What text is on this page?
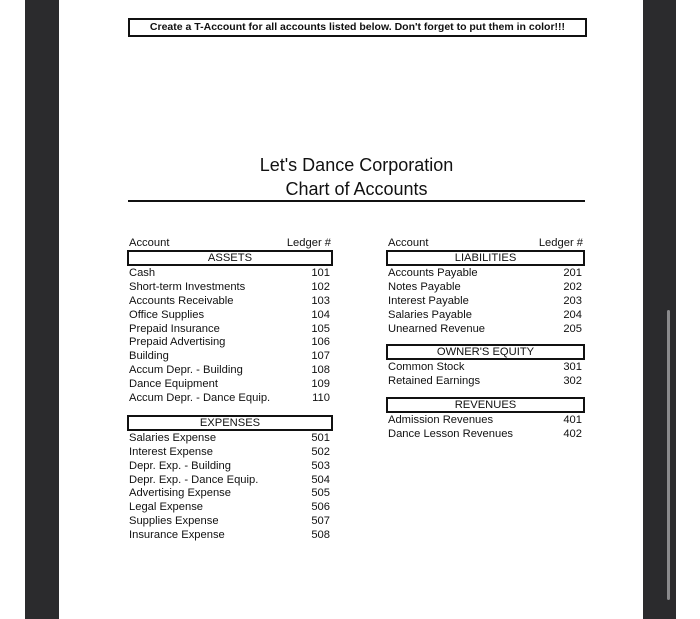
Create a T-Account for all accounts listed below. Don't forget to put them in color!!!
Let's Dance Corporation
Chart of Accounts
Account	Ledger #
ASSETS
Cash	101
Short-term Investments	102
Accounts Receivable	103
Office Supplies	104
Prepaid Insurance	105
Prepaid Advertising	106
Building	107
Accum Depr. - Building	108
Dance Equipment	109
Accum Depr. - Dance Equip.	110
EXPENSES
Salaries Expense	501
Interest Expense	502
Depr. Exp. - Building	503
Depr. Exp. - Dance Equip.	504
Advertising Expense	505
Legal Expense	506
Supplies Expense	507
Insurance Expense	508
Account	Ledger #
LIABILITIES
Accounts Payable	201
Notes Payable	202
Interest Payable	203
Salaries Payable	204
Unearned Revenue	205
OWNER'S EQUITY
Common Stock	301
Retained Earnings	302
REVENUES
Admission Revenues	401
Dance Lesson Revenues	402
